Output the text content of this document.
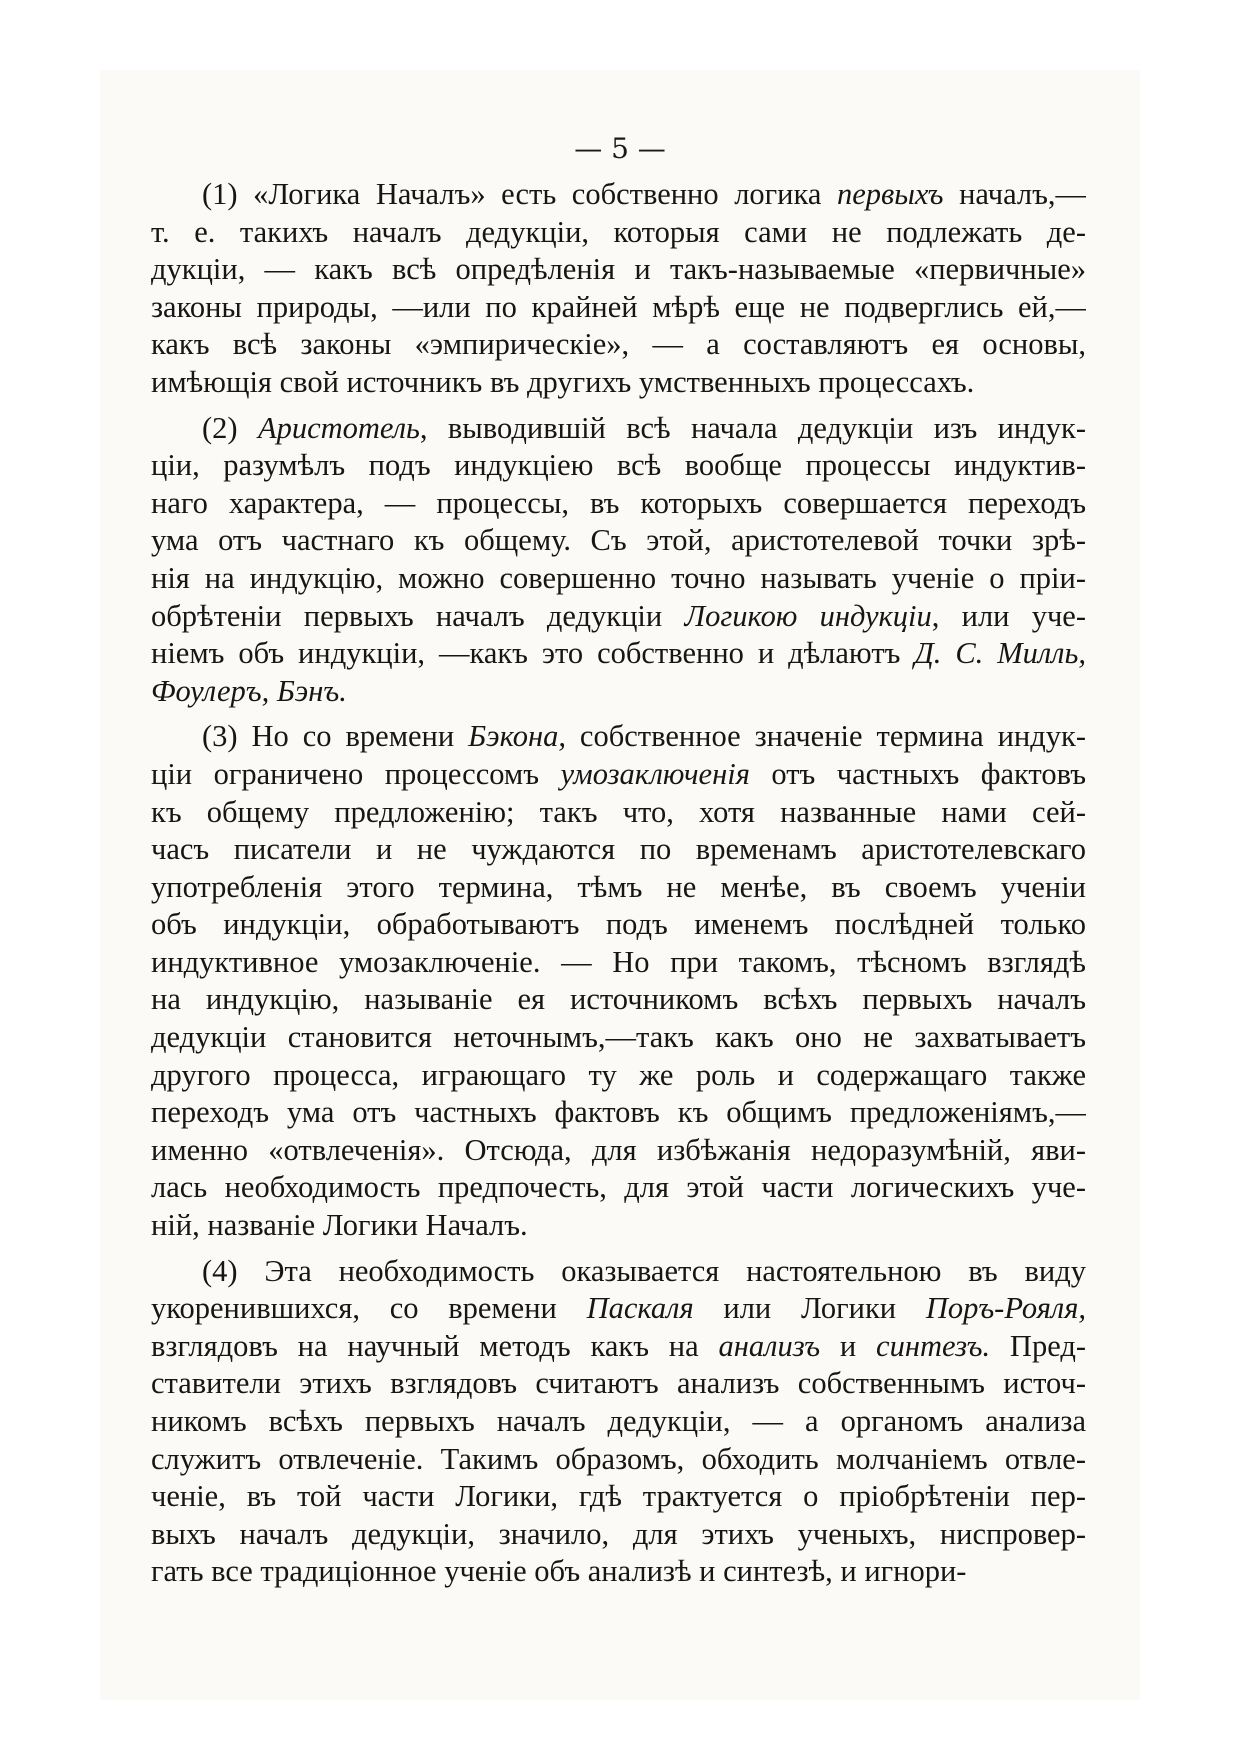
— 5 —
(1) «Логика Началъ» есть собственно логика первыхъ началъ,—
т. е. такихъ началъ дедукціи, которыя сами не подлежать де-
дукціи, — какъ всѣ опредѣленія и такъ-называемые «первичные»
законы природы, —или по крайней мѣрѣ еще не подверглись ей,—
какъ всѣ законы «эмпирическіе», — а составляютъ ея основы,
имѣющія свой источникъ въ другихъ умственныхъ процессахъ.
(2) Аристотель, выводившій всѣ начала дедукціи изъ индук-
ціи, разумѣлъ подъ индукціею всѣ вообще процессы индуктив-
наго характера, — процессы, въ которыхъ совершается переходъ
ума отъ частнаго къ общему. Съ этой, аристотелевой точки зрѣ-
нія на индукцію, можно совершенно точно называть ученіе о пріи-
обрѣтеніи первыхъ началъ дедукціи Логикою индукціи, или уче-
ніемъ объ индукціи, —какъ это собственно и дѣлаютъ Д. С. Милль,
Фоулеръ, Бэнъ.
(3) Но со времени Бэкона, собственное значеніе термина индук-
ціи ограничено процессомъ умозаключенія отъ частныхъ фактовъ
къ общему предложенію; такъ что, хотя названные нами сей-
часъ писатели и не чуждаются по временамъ аристотелевскаго
употребленія этого термина, тѣмъ не менѣе, въ своемъ ученіи
объ индукціи, обработываютъ подъ именемъ послѣдней только
индуктивное умозаключеніе. — Но при такомъ, тѣсномъ взглядѣ
на индукцію, называніе ея источникомъ всѣхъ первыхъ началъ
дедукціи становится неточнымъ,—такъ какъ оно не захватываетъ
другого процесса, играющаго ту же роль и содержащаго также
переходъ ума отъ частныхъ фактовъ къ общимъ предложеніямъ,—
именно «отвлеченія». Отсюда, для избѣжанія недоразумѣній, яви-
лась необходимость предпочесть, для этой части логическихъ уче-
ній, названіе Логики Началъ.
(4) Эта необходимость оказывается настоятельною въ виду
укоренившихся, со времени Паскаля или Логики Поръ-Рояля,
взглядовъ на научный методъ какъ на анализъ и синтезъ. Пред-
ставители этихъ взглядовъ считаютъ анализъ собственнымъ источ-
никомъ всѣхъ первыхъ началъ дедукціи, — а органомъ анализа
служитъ отвлеченіе. Такимъ образомъ, обходить молчаніемъ отвле-
ченіе, въ той части Логики, гдѣ трактуется о пріобрѣтеніи пер-
выхъ началъ дедукціи, значило, для этихъ ученыхъ, ниспровер-
гать все традиціонное ученіе объ анализѣ и синтезѣ, и игнори-
